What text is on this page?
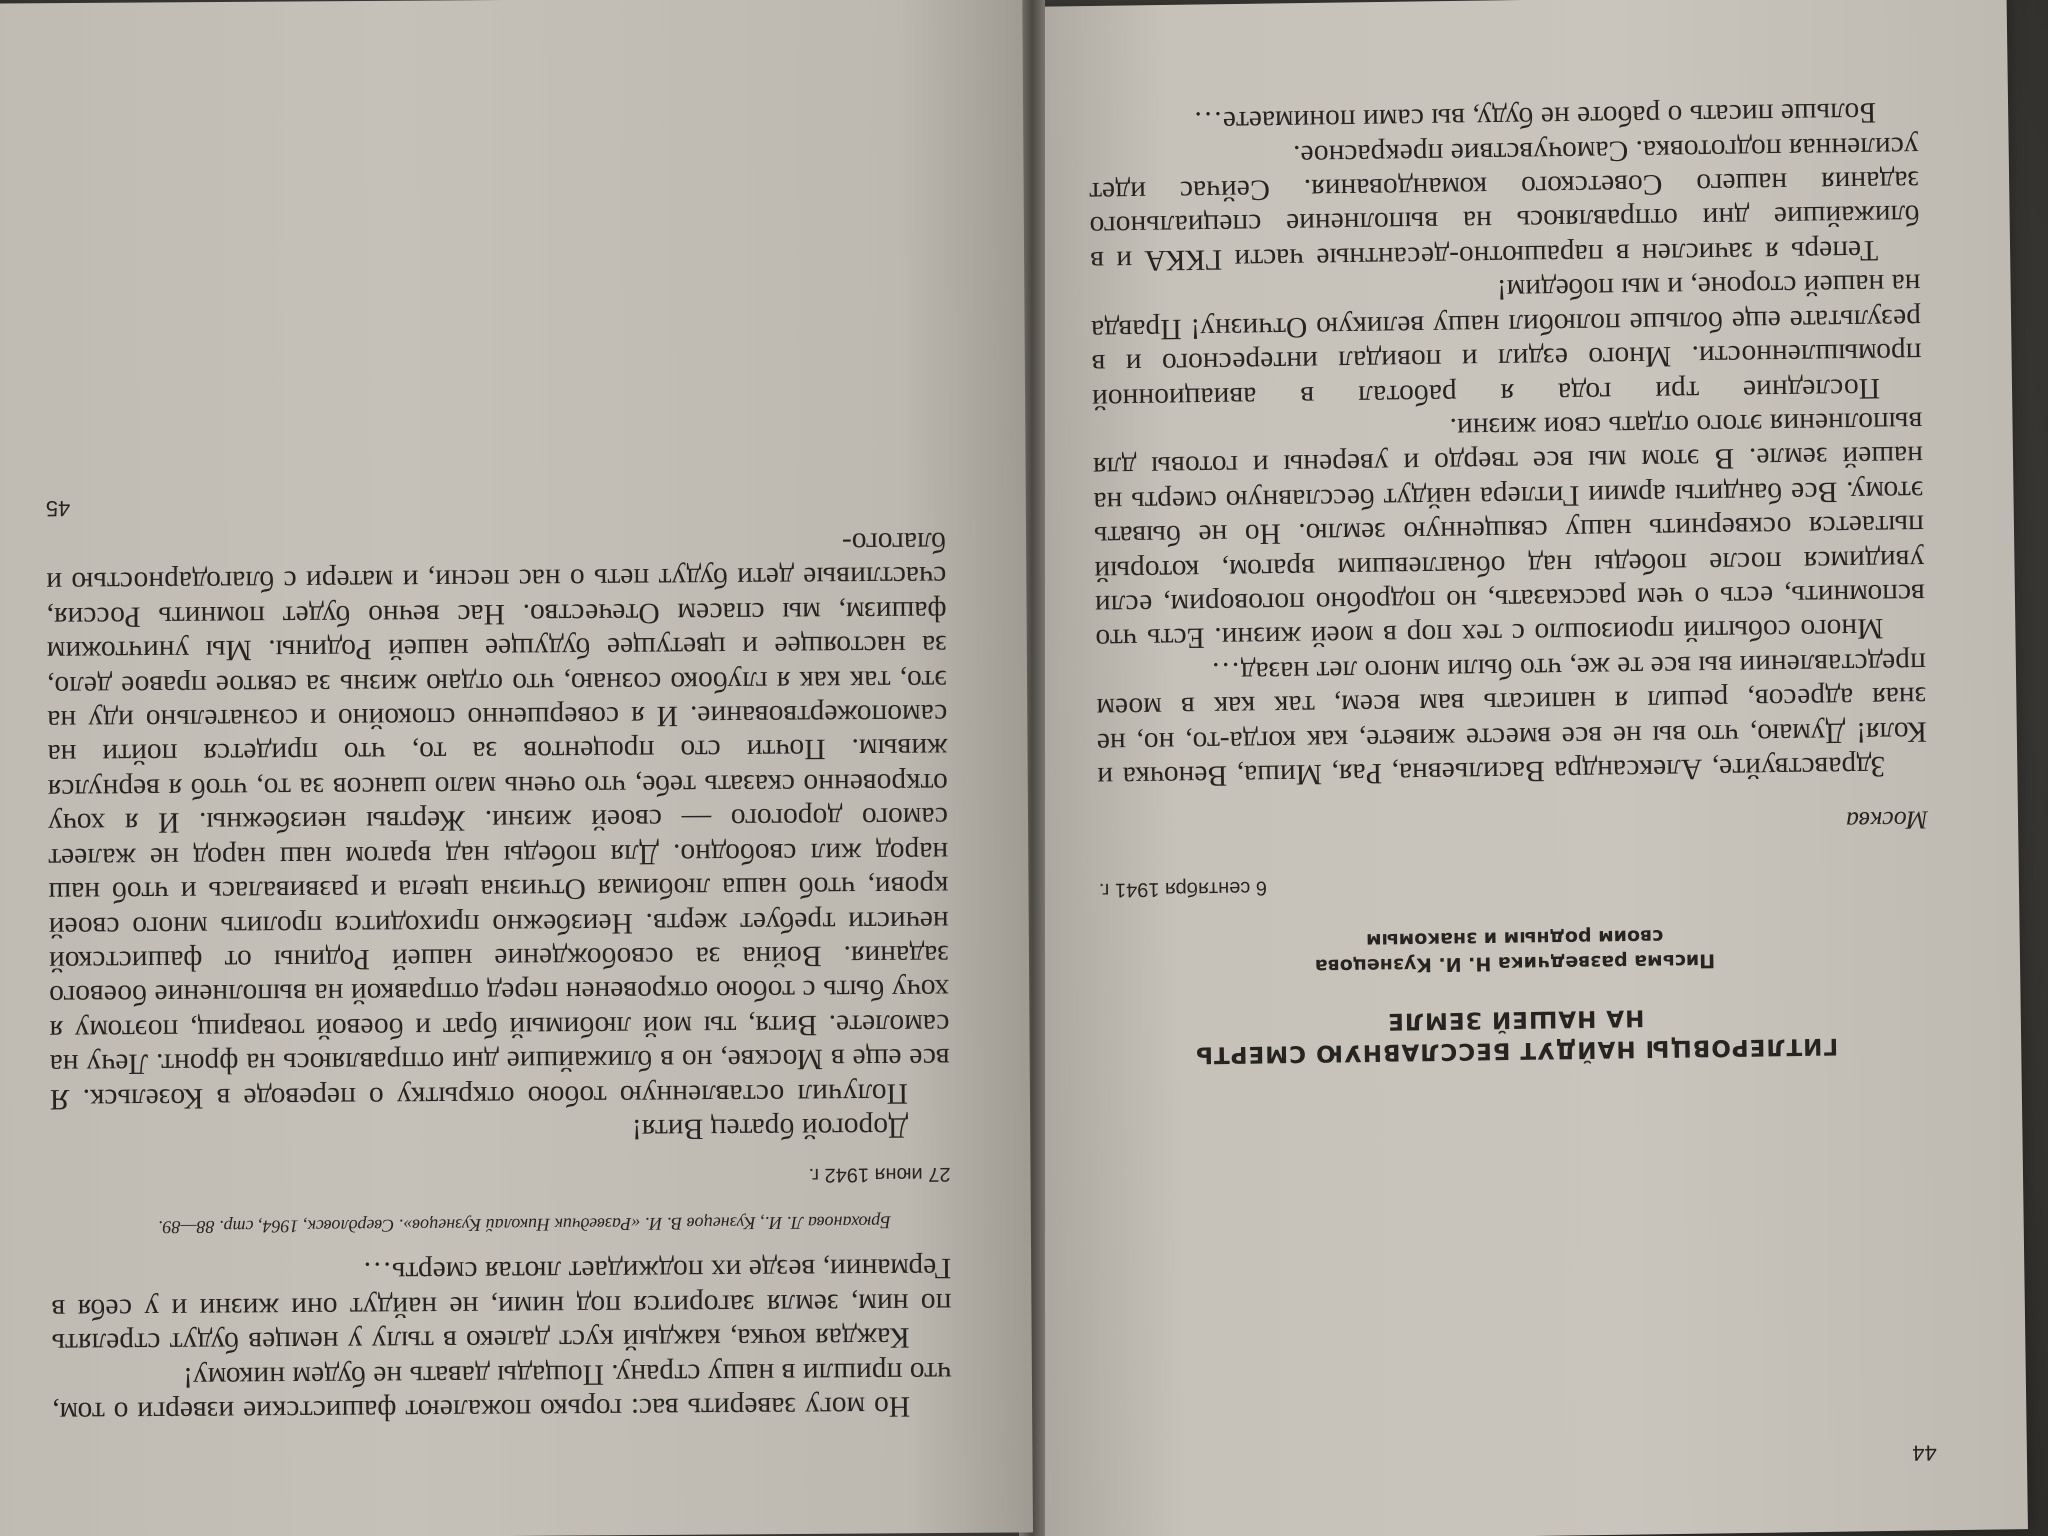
44
ГИТЛЕРОВЦЫ НАЙДУТ БЕССЛАВНУЮ СМЕРТЬ
НА НАШЕЙ ЗЕМЛЕ
Письма разведчика Н. И. Кузнецова
своим родным и знакомым
6 сентября 1941 г.
Москва

Здравствуйте, Александра Васильевна, Рая, Миша, Веночка и Коля! Думаю, что вы не все вместе живете, как когда-то, но, не зная адресов, решил я написать вам всем, так как в моем представлении вы все те же, что были много лет назад…

Много событий произошло с тех пор в моей жизни. Есть что вспомнить, есть о чем рассказать, но подробно поговорим, если увидимся после победы над обнаглевшим врагом, который пытается осквернить нашу священную землю. Но не бывать этому. Все бандиты армии Гитлера найдут бесславную смерть на нашей земле. В этом мы все твердо и уверены и готовы для выполнения этого отдать свои жизни.

Последние три года я работал в авиационной промышленности. Много ездил и повидал интересного и в результате еще больше полюбил нашу великую Отчизну! Правда на нашей стороне, и мы победим!

Теперь я зачислен в парашютно-десантные части ГККА и в ближайшие дни отправляюсь на выполнение специального задания нашего Советского командования. Сейчас идет усиленная подготовка. Самочувствие прекрасное.

Больше писать о работе не буду, вы сами понимаете…

Но могу заверить вас: горько пожалеют фашистские изверги о том, что пришли в нашу страну. Пощады давать не будем никому!

Каждая кочка, каждый куст далеко в тылу у немцев будут стрелять по ним, земля загорится под ними, не найдут они жизни и у себя в Германии, везде их поджидает лютая смерть…

Брюханова Л. И., Кузнецов В. И. «Разведчик Николай Кузнецов». Свердловск, 1964, стр. 88—89.

27 июня 1942 г.

Дорогой братец Витя!

Получил оставленную тобою открытку о переводе в Козельск. Я все еще в Москве, но в ближайшие дни отправляюсь на фронт. Лечу на самолете. Витя, ты мой любимый брат и боевой товарищ, поэтому я хочу быть с тобою откровенен перед отправкой на выполнение боевого задания. Война за освобождение нашей Родины от фашистской нечисти требует жертв. Неизбежно приходится пролить много своей крови, чтоб наша любимая Отчизна цвела и развивалась и чтоб наш народ жил свободно. Для победы над врагом наш народ не жалеет самого дорогого — своей жизни. Жертвы неизбежны. И я хочу откровенно сказать тебе, что очень мало шансов за то, чтоб я вернулся живым. Почти сто процентов за то, что придется пойти на самопожертвование. И я совершенно спокойно и сознательно иду на это, так как я глубоко сознаю, что отдаю жизнь за святое правое дело, за настоящее и цветущее будущее нашей Родины. Мы уничтожим фашизм, мы спасем Отечество. Нас вечно будет помнить Россия, счастливые дети будут петь о нас песни, и матери с благодарностью и благого-

45
